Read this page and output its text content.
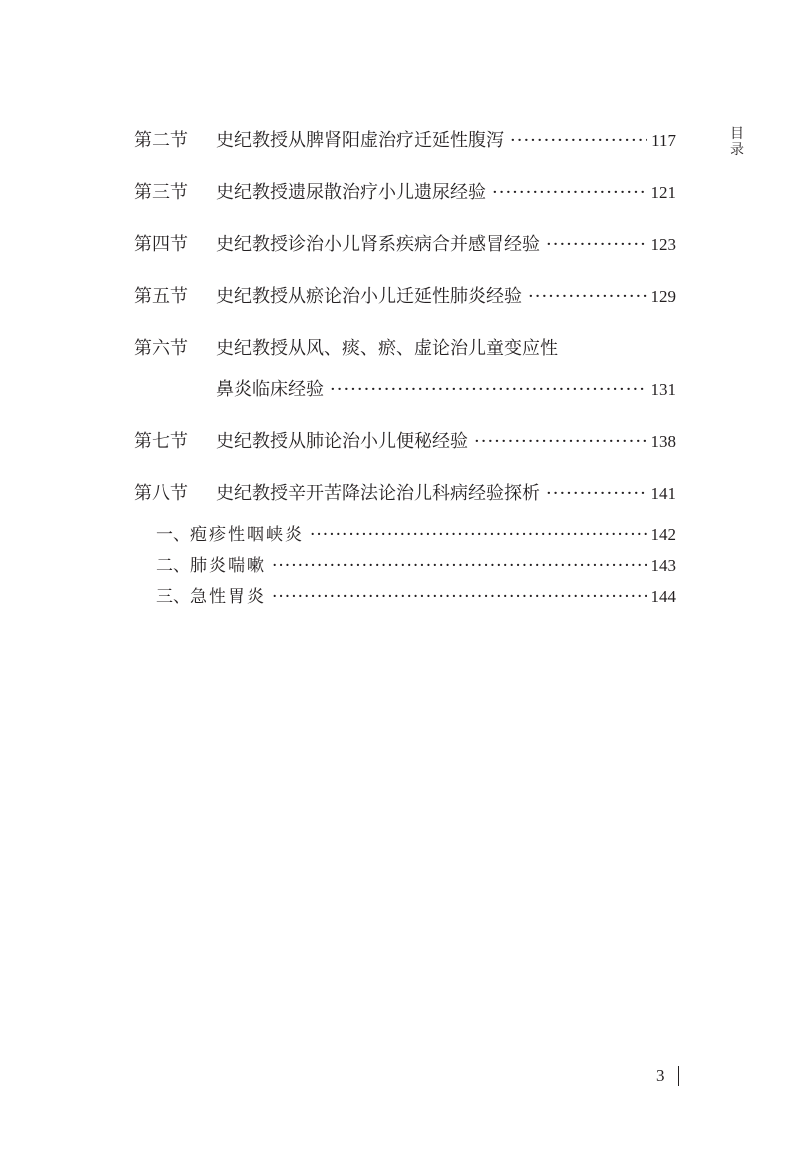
目
录
第二节	史纪教授从脾肾阳虚治疗迁延性腹泻 ·····	117
第三节	史纪教授遗尿散治疗小儿遗尿经验 ·····	121
第四节	史纪教授诊治小儿肾系疾病合并感冒经验 ·····	123
第五节	史纪教授从瘀论治小儿迁延性肺炎经验 ·····	129
第六节	史纪教授从风、痰、瘀、虚论治儿童变应性
鼻炎临床经验 ·····	131
第七节	史纪教授从肺论治小儿便秘经验 ·····	138
第八节	史纪教授辛开苦降法论治儿科病经验探析 ·····	141
一、 疱疹性咽峡炎 ·····	142
二、 肺炎喘嗽 ·····	143
三、 急性胃炎 ·····	144
3
